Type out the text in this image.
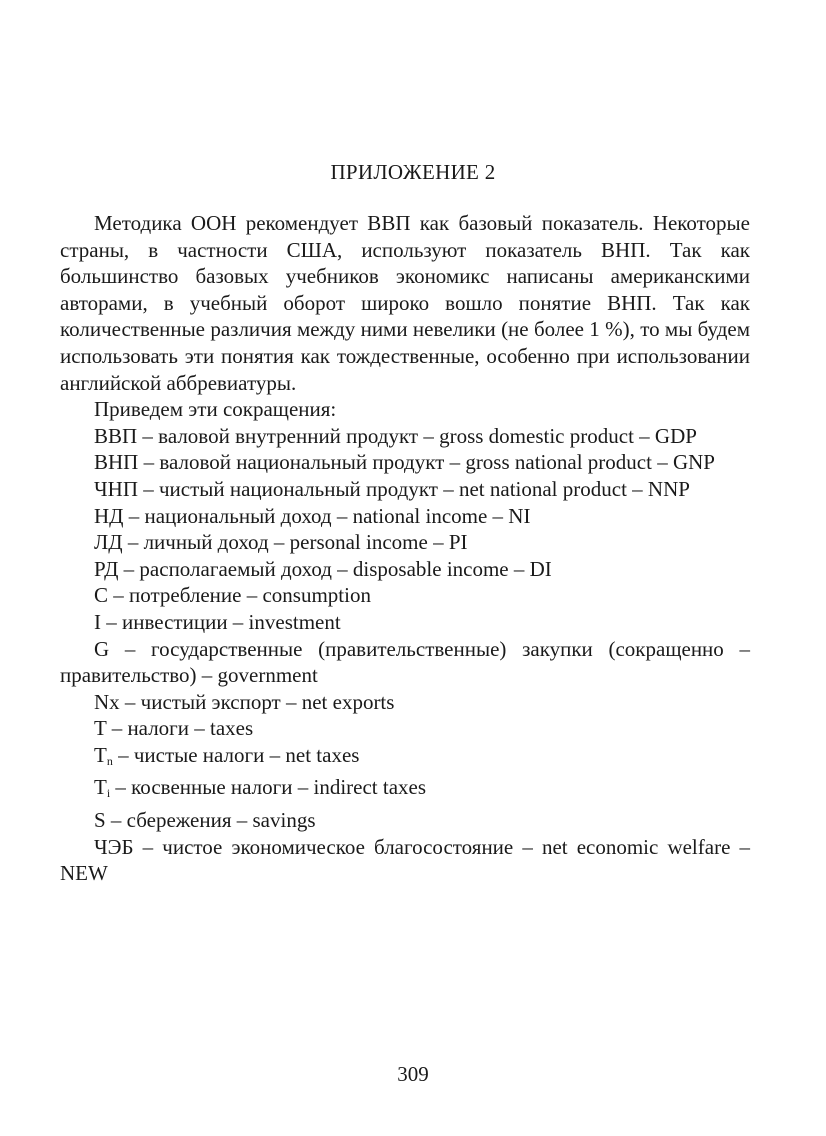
ПРИЛОЖЕНИЕ 2

Методика ООН рекомендует ВВП как базовый показатель. Некоторые страны, в частности США, используют показатель ВНП. Так как большинство базовых учебников экономикс написаны американскими авторами, в учебный оборот широко вошло понятие ВНП. Так как количественные различия между ними невелики (не более 1 %), то мы будем использовать эти понятия как тождественные, особенно при использовании английской аббревиатуры.

Приведем эти сокращения:

ВВП – валовой внутренний продукт – gross domestic product – GDP

ВНП – валовой национальный продукт – gross national product – GNP

ЧНП – чистый национальный продукт – net national product – NNP

НД – национальный доход – national income – NI

ЛД – личный доход – personal income – PI

РД – располагаемый доход – disposable income – DI

C – потребление – consumption

I – инвестиции – investment

G – государственные (правительственные) закупки (сокращенно – правительство) – government

Nx – чистый экспорт – net exports

T – налоги – taxes

$T_n$ – чистые налоги – net taxes

$T_i$ – косвенные налоги – indirect taxes

S – сбережения – savings

ЧЭБ – чистое экономическое благосостояние – net economic welfare – NEW

309
